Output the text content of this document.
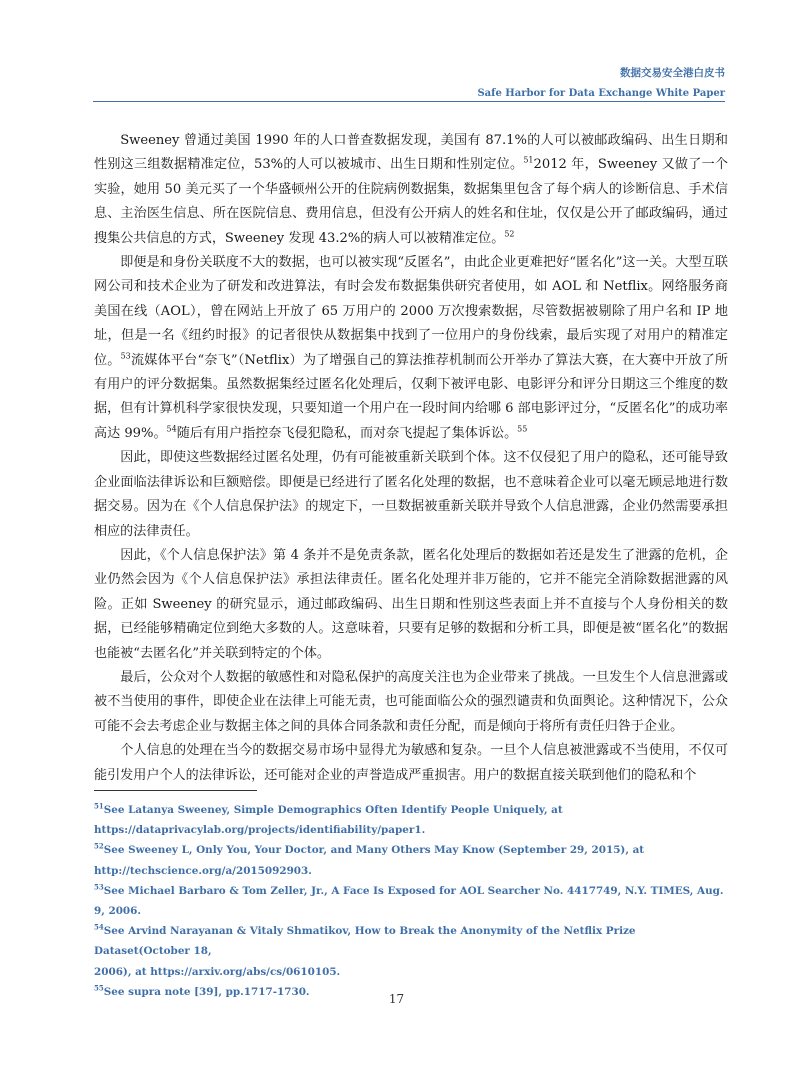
数据交易安全港白皮书
Safe Harbor for Data Exchange White Paper

Sweeney 曾通过美国 1990 年的人口普查数据发现，美国有 87.1%的人可以被邮政编码、出生日期和性别这三组数据精准定位，53%的人可以被城市、出生日期和性别定位。$^{51}$2012 年，Sweeney 又做了一个实验，她用 50 美元买了一个华盛顿州公开的住院病例数据集，数据集里包含了每个病人的诊断信息、手术信息、主治医生信息、所在医院信息、费用信息，但没有公开病人的姓名和住址，仅仅是公开了邮政编码，通过搜集公共信息的方式，Sweeney 发现 43.2%的病人可以被精准定位。$^{52}$

即便是和身份关联度不大的数据，也可以被实现“反匿名”，由此企业更难把好“匿名化”这一关。大型互联网公司和技术企业为了研发和改进算法，有时会发布数据集供研究者使用，如 AOL 和 Netflix。网络服务商美国在线（AOL），曾在网站上开放了 65 万用户的 2000 万次搜索数据，尽管数据被剔除了用户名和 IP 地址，但是一名《纽约时报》的记者很快从数据集中找到了一位用户的身份线索，最后实现了对用户的精准定位。$^{53}$流媒体平台“奈飞”（Netflix）为了增强自己的算法推荐机制而公开举办了算法大赛，在大赛中开放了所有用户的评分数据集。虽然数据集经过匿名化处理后，仅剩下被评电影、电影评分和评分日期这三个维度的数据，但有计算机科学家很快发现，只要知道一个用户在一段时间内给哪 6 部电影评过分，“反匿名化”的成功率高达 99%。$^{54}$随后有用户指控奈飞侵犯隐私，而对奈飞提起了集体诉讼。$^{55}$

因此，即使这些数据经过匿名处理，仍有可能被重新关联到个体。这不仅侵犯了用户的隐私，还可能导致企业面临法律诉讼和巨额赔偿。即便是已经进行了匿名化处理的数据，也不意味着企业可以毫无顾忌地进行数据交易。因为在《个人信息保护法》的规定下，一旦数据被重新关联并导致个人信息泄露，企业仍然需要承担相应的法律责任。

因此，《个人信息保护法》第 4 条并不是免责条款，匿名化处理后的数据如若还是发生了泄露的危机，企业仍然会因为《个人信息保护法》承担法律责任。匿名化处理并非万能的，它并不能完全消除数据泄露的风险。正如 Sweeney 的研究显示，通过邮政编码、出生日期和性别这些表面上并不直接与个人身份相关的数据，已经能够精确定位到绝大多数的人。这意味着，只要有足够的数据和分析工具，即便是被“匿名化”的数据也能被“去匿名化”并关联到特定的个体。

最后，公众对个人数据的敏感性和对隐私保护的高度关注也为企业带来了挑战。一旦发生个人信息泄露或被不当使用的事件，即使企业在法律上可能无责，也可能面临公众的强烈谴责和负面舆论。这种情况下，公众可能不会去考虑企业与数据主体之间的具体合同条款和责任分配，而是倾向于将所有责任归咎于企业。

个人信息的处理在当今的数据交易市场中显得尤为敏感和复杂。一旦个人信息被泄露或不当使用，不仅可能引发用户个人的法律诉讼，还可能对企业的声誉造成严重损害。用户的数据直接关联到他们的隐私和个

$^{51}$See Latanya Sweeney, Simple Demographics Often Identify People Uniquely, at
https://dataprivacylab.org/projects/identifiability/paper1.
$^{52}$See Sweeney L, Only You, Your Doctor, and Many Others May Know (September 29, 2015), at
http://techscience.org/a/2015092903.
$^{53}$See Michael Barbaro & Tom Zeller, Jr., A Face Is Exposed for AOL Searcher No. 4417749, N.Y. TIMES, Aug. 9, 2006.
$^{54}$See Arvind Narayanan & Vitaly Shmatikov, How to Break the Anonymity of the Netflix Prize Dataset(October 18,
2006), at https://arxiv.org/abs/cs/0610105.
$^{55}$See supra note [39], pp.1717-1730.
17
